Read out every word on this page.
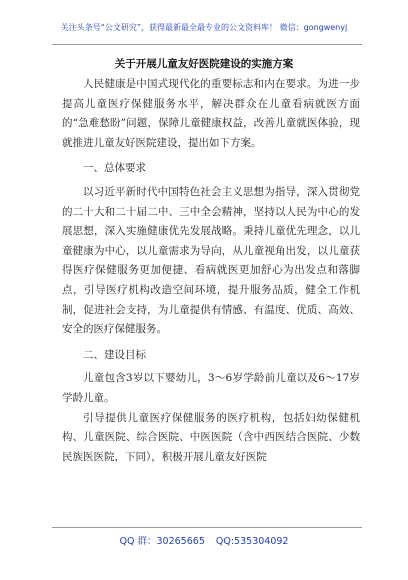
关注头条号“公文研究”，获得最新最全最专业的公文资料库！ 微信：gongwenyj
关于开展儿童友好医院建设的实施方案

人民健康是中国式现代化的重要标志和内在要求。为进一步提高儿童医疗保健服务水平，解决群众在儿童看病就医方面的“急难愁盼”问题，保障儿童健康权益，改善儿童就医体验，现就推进儿童友好医院建设，提出如下方案。

一、总体要求

以习近平新时代中国特色社会主义思想为指导，深入贯彻党的二十大和二十届二中、三中全会精神，坚持以人民为中心的发展思想，深入实施健康优先发展战略。秉持儿童优先理念，以儿童健康为中心，以儿童需求为导向，从儿童视角出发，以儿童获得医疗保健服务更加便捷、看病就医更加舒心为出发点和落脚点，引导医疗机构改造空间环境，提升服务品质，健全工作机制，促进社会支持，为儿童提供有情感、有温度、优质、高效、安全的医疗保健服务。

二、建设目标

儿童包含3岁以下婴幼儿，3～6岁学龄前儿童以及6～17岁学龄儿童。

引导提供儿童医疗保健服务的医疗机构，包括妇幼保健机构、儿童医院、综合医院、中医医院（含中西医结合医院、少数民族医医院，下同），积极开展儿童友好医院

QQ 群：30265665 QQ:535304092
